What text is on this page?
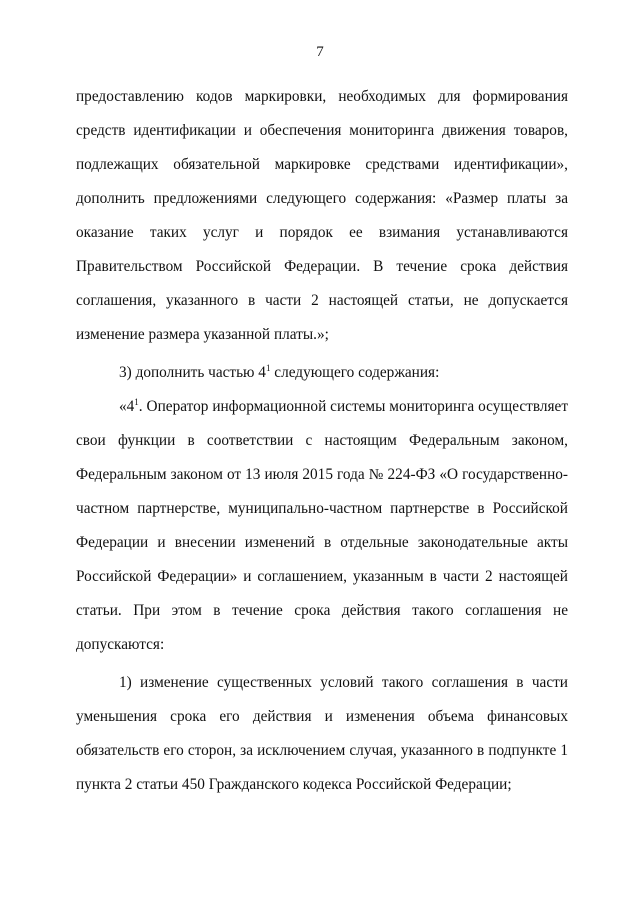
7
предоставлению кодов маркировки, необходимых для формирования
средств идентификации и обеспечения мониторинга движения товаров,
подлежащих обязательной маркировке средствами идентификации»,
дополнить предложениями следующего содержания: «Размер платы за
оказание таких услуг и порядок ее взимания устанавливаются
Правительством Российской Федерации. В течение срока действия
соглашения, указанного в части 2 настоящей статьи, не допускается
изменение размера указанной платы.»;
3) дополнить частью $4^1$ следующего содержания:
«$4^1$. Оператор информационной системы мониторинга осуществляет
свои функции в соответствии с настоящим Федеральным законом,
Федеральным законом от 13 июля 2015 года № 224-ФЗ «О государственно-
частном партнерстве, муниципально-частном партнерстве в Российской
Федерации и внесении изменений в отдельные законодательные акты
Российской Федерации» и соглашением, указанным в части 2 настоящей
статьи. При этом в течение срока действия такого соглашения не
допускаются:
1) изменение существенных условий такого соглашения в части
уменьшения срока его действия и изменения объема финансовых
обязательств его сторон, за исключением случая, указанного в подпункте 1
пункта 2 статьи 450 Гражданского кодекса Российской Федерации;
